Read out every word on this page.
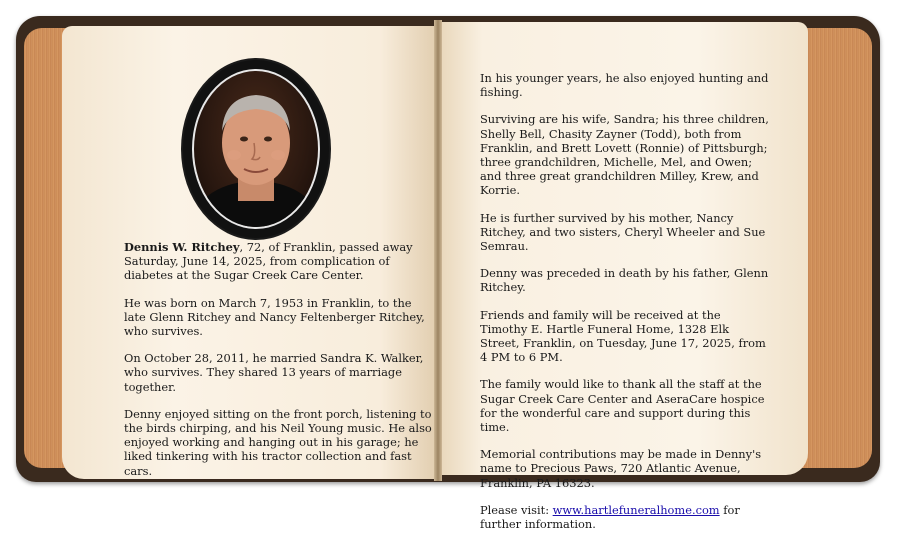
Dennis W. Ritchey, 72, of Franklin, passed away Saturday, June 14, 2025, from complication of diabetes at the Sugar Creek Care Center.

He was born on March 7, 1953 in Franklin, to the late Glenn Ritchey and Nancy Feltenberger Ritchey, who survives.

On October 28, 2011, he married Sandra K. Walker, who survives. They shared 13 years of marriage together.

Denny enjoyed sitting on the front porch, listening to the birds chirping, and his Neil Young music. He also enjoyed working and hanging out in his garage; he liked tinkering with his tractor collection and fast cars.

In his younger years, he also enjoyed hunting and fishing.

Surviving are his wife, Sandra; his three children, Shelly Bell, Chasity Zayner (Todd), both from Franklin, and Brett Lovett (Ronnie) of Pittsburgh; three grandchildren, Michelle, Mel, and Owen; and three great grandchildren Milley, Krew, and Korrie.

He is further survived by his mother, Nancy Ritchey, and two sisters, Cheryl Wheeler and Sue Semrau.

Denny was preceded in death by his father, Glenn Ritchey.

Friends and family will be received at the Timothy E. Hartle Funeral Home, 1328 Elk Street, Franklin, on Tuesday, June 17, 2025, from 4 PM to 6 PM.

The family would like to thank all the staff at the Sugar Creek Care Center and AseraCare hospice for the wonderful care and support during this time.

Memorial contributions may be made in Denny's name to Precious Paws, 720 Atlantic Avenue, Franklin, PA 16323.

Please visit: www.hartlefuneralhome.com for further information.
